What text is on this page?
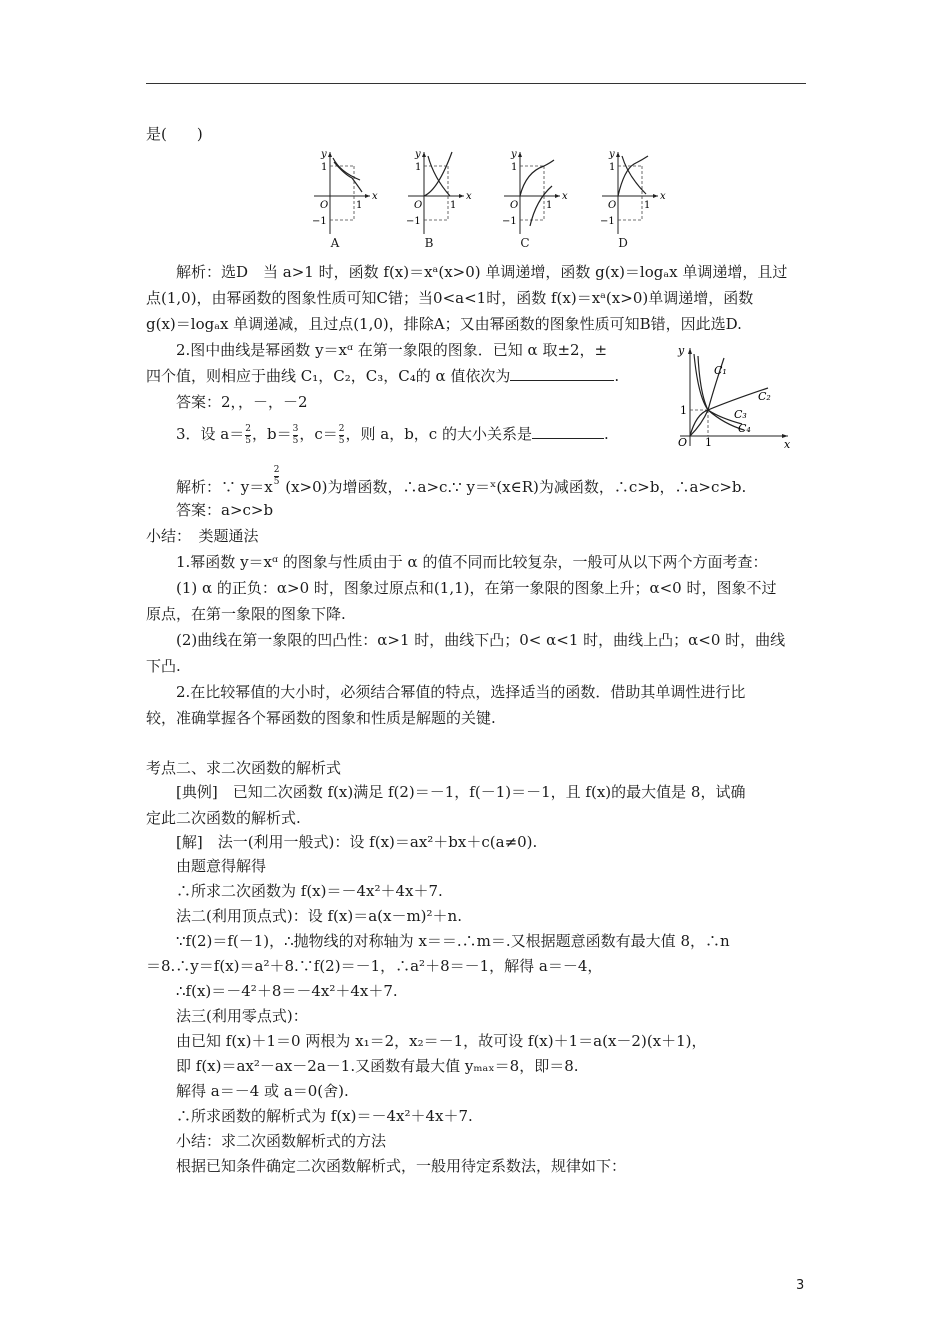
是(　　)
y
x
1
O	1
−1
A
y
x
1
O	1
−1
B
y
x
1
O	1
−1
C
y
x
1
O	1
−1
D
解析：选D　当 a>1 时，函数 f(x)＝xᵃ(x>0) 单调递增，函数 g(x)＝logₐx 单调递增，且过
点(1,0)，由幂函数的图象性质可知C错；当0<a<1时，函数 f(x)＝xᵃ(x>0)单调递增，函数
g(x)＝logₐx 单调递减，且过点(1,0)，排除A；又由幂函数的图象性质可知B错，因此选D.
2.图中曲线是幂函数 y＝xᵅ 在第一象限的图象．已知 α 取±2，±
四个值，则相应于曲线 C₁，C₂，C₃，C₄的 α 值依次为	.
y
x
O
1
1
C₁
C₂
C₃
C₄
答案：2，，－，－2
3．设 $a= \frac{2}{5}$ ，$b= \frac{3}{5}$ ，$c= \frac{2}{5}$ ，则 a，b，c 的大小关系是	.
解析：∵ $y=x \frac{2}{5} (x>0)$为增函数，∴a>c.∵ y＝ˣ(x∈R)为减函数，∴c>b，∴a>c>b.
答案：a>c>b
小结：　类题通法
1.幂函数 y＝xᵅ 的图象与性质由于 α 的值不同而比较复杂，一般可从以下两个方面考查：
(1) α 的正负：α>0 时，图象过原点和(1,1)，在第一象限的图象上升；α<0 时，图象不过
原点，在第一象限的图象下降.
(2)曲线在第一象限的凹凸性：α>1 时，曲线下凸；0< α<1 时，曲线上凸；α<0 时，曲线
下凸.
2.在比较幂值的大小时，必须结合幂值的特点，选择适当的函数．借助其单调性进行比
较，准确掌握各个幂函数的图象和性质是解题的关键.
考点二、求二次函数的解析式
[典例]　已知二次函数 f(x)满足 f(2)＝－1，f(－1)＝－1，且 f(x)的最大值是 8，试确
定此二次函数的解析式.
[解]　法一(利用一般式)：设 f(x)＝ax²＋bx＋c(a≠0).
由题意得解得
∴所求二次函数为 f(x)＝－4x²＋4x＋7.
法二(利用顶点式)：设 f(x)＝a(x－m)²＋n.
∵f(2)＝f(－1)，∴抛物线的对称轴为 x＝＝.∴m＝.又根据题意函数有最大值 8，∴n
＝8.∴y＝f(x)＝a²＋8.∵f(2)＝－1，∴a²＋8＝－1，解得 a＝－4，
∴f(x)＝－4²＋8＝－4x²＋4x＋7.
法三(利用零点式)：
由已知 f(x)＋1＝0 两根为 x₁＝2，x₂＝－1，故可设 f(x)＋1＝a(x－2)(x＋1)，
即 f(x)＝ax²－ax－2a－1.又函数有最大值 yₘₐₓ＝8，即＝8.
解得 a＝－4 或 a＝0(舍).
∴所求函数的解析式为 f(x)＝－4x²＋4x＋7.
小结：求二次函数解析式的方法
根据已知条件确定二次函数解析式，一般用待定系数法，规律如下：
3
